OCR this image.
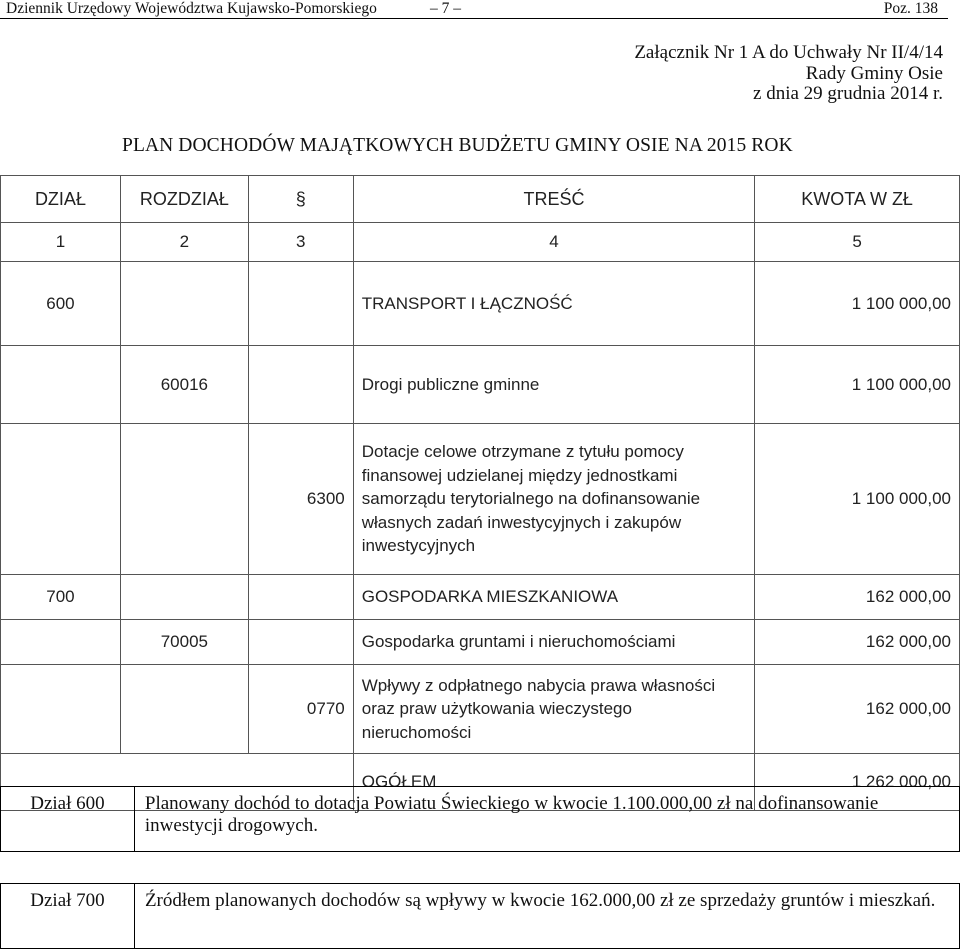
Dziennik Urzędowy Województwa Kujawsko-Pomorskiego	– 7 –	Poz. 138
Załącznik Nr 1 A do Uchwały Nr II/4/14
Rady Gminy Osie
z dnia 29 grudnia 2014 r.
PLAN DOCHODÓW MAJĄTKOWYCH BUDŻETU GMINY OSIE NA 2015 ROK
DZIAŁ	ROZDZIAŁ	§	TREŚĆ	KWOTA W ZŁ
1	2	3	4	5
600			TRANSPORT I ŁĄCZNOŚĆ	1 100 000,00
	60016		Drogi publiczne gminne	1 100 000,00
		6300	Dotacje celowe otrzymane z tytułu pomocy finansowej udzielanej między jednostkami samorządu terytorialnego na dofinansowanie własnych zadań inwestycyjnych i zakupów inwestycyjnych	1 100 000,00
700			GOSPODARKA MIESZKANIOWA	162 000,00
	70005		Gospodarka gruntami i nieruchomościami	162 000,00
		0770	Wpływy z odpłatnego nabycia prawa własności oraz praw użytkowania wieczystego nieruchomości	162 000,00
			OGÓŁEM	1 262 000,00
Dział 600	Planowany dochód to dotacja Powiatu Świeckiego w kwocie 1.100.000,00 zł na dofinansowanie inwestycji drogowych.
Dział 700	Źródłem planowanych dochodów są wpływy w kwocie 162.000,00 zł ze sprzedaży gruntów i mieszkań.
